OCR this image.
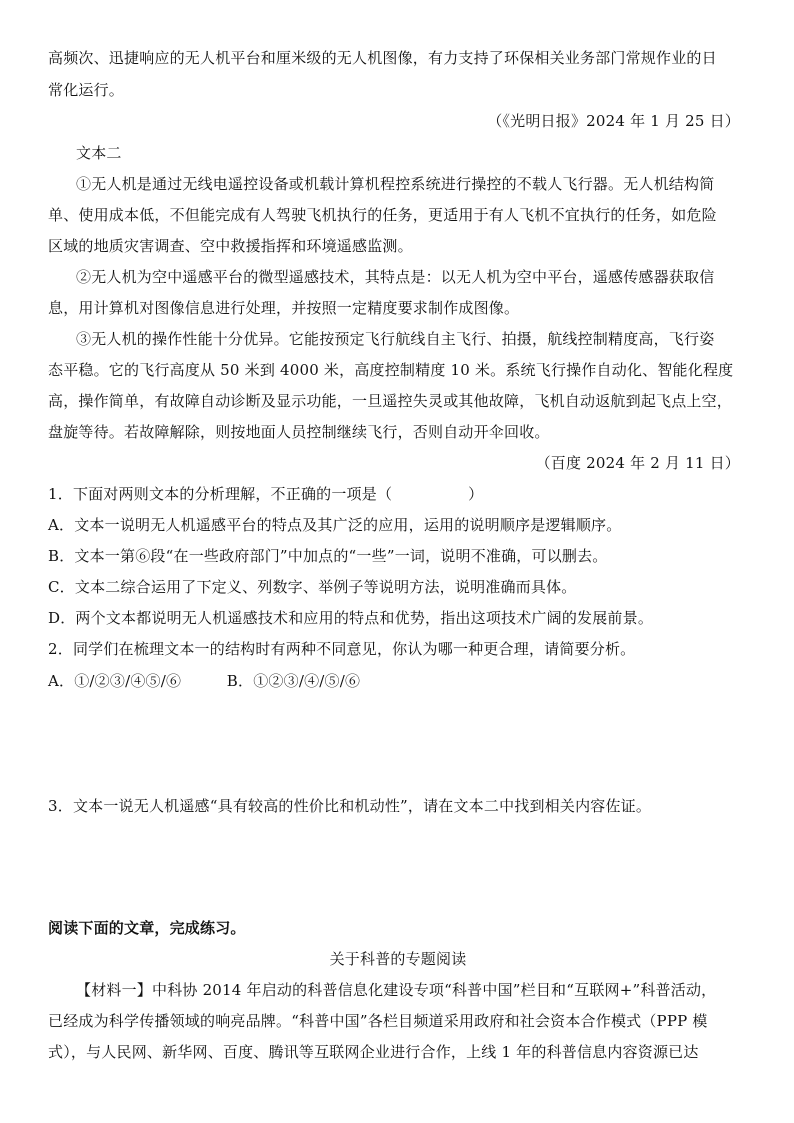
高频次、迅捷响应的无人机平台和厘米级的无人机图像，有力支持了环保相关业务部门常规作业的日
常化运行。
（《光明日报》2024 年 1 月 25 日）
文本二
①无人机是通过无线电遥控设备或机载计算机程控系统进行操控的不载人飞行器。无人机结构简
单、使用成本低，不但能完成有人驾驶飞机执行的任务，更适用于有人飞机不宜执行的任务，如危险
区域的地质灾害调查、空中救援指挥和环境遥感监测。
②无人机为空中遥感平台的微型遥感技术，其特点是：以无人机为空中平台，遥感传感器获取信
息，用计算机对图像信息进行处理，并按照一定精度要求制作成图像。
③无人机的操作性能十分优异。它能按预定飞行航线自主飞行、拍摄，航线控制精度高，飞行姿
态平稳。它的飞行高度从 50 米到 4000 米，高度控制精度 10 米。系统飞行操作自动化、智能化程度
高，操作简单，有故障自动诊断及显示功能，一旦遥控失灵或其他故障，飞机自动返航到起飞点上空，
盘旋等待。若故障解除，则按地面人员控制继续飞行，否则自动开伞回收。
（百度 2024 年 2 月 11 日）
1．下面对两则文本的分析理解，不正确的一项是（　　　　　）
A．文本一说明无人机遥感平台的特点及其广泛的应用，运用的说明顺序是逻辑顺序。
B．文本一第⑥段“在一些政府部门”中加点的“一些”一词，说明不准确，可以删去。
C．文本二综合运用了下定义、列数字、举例子等说明方法，说明准确而具体。
D．两个文本都说明无人机遥感技术和应用的特点和优势，指出这项技术广阔的发展前景。
2．同学们在梳理文本一的结构时有两种不同意见，你认为哪一种更合理，请简要分析。
A．①/②③/④⑤/⑥　　　B．①②③/④/⑤/⑥
3．文本一说无人机遥感“具有较高的性价比和机动性”，请在文本二中找到相关内容佐证。
阅读下面的文章，完成练习。
关于科普的专题阅读
【材料一】中科协 2014 年启动的科普信息化建设专项“科普中国”栏目和“互联网+”科普活动，
已经成为科学传播领域的响亮品牌。“科普中国”各栏目频道采用政府和社会资本合作模式（PPP 模
式），与人民网、新华网、百度、腾讯等互联网企业进行合作，上线 1 年的科普信息内容资源已达
